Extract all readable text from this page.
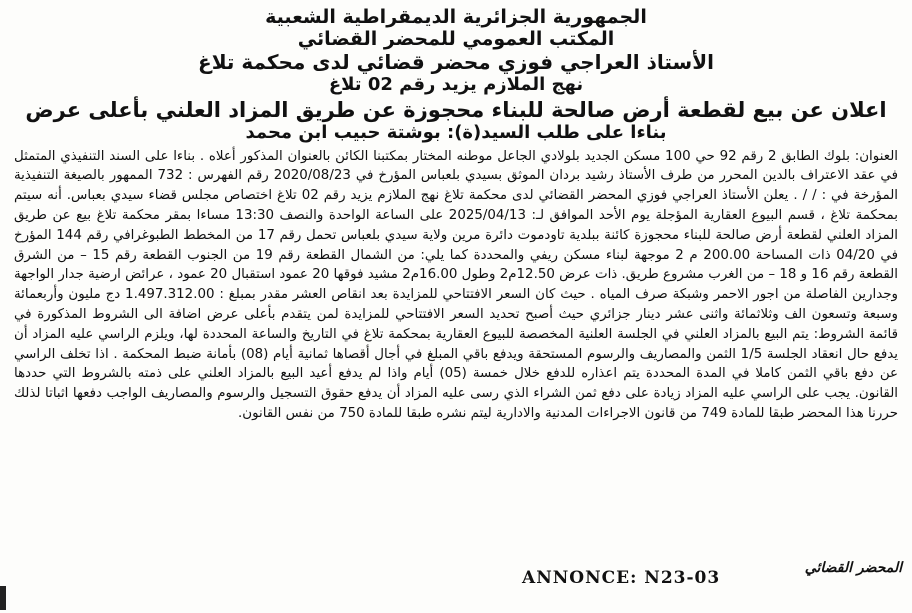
الجمهورية الجزائرية الديمقراطية الشعبية
المكتب العمومي للمحضر القضائي
الأستاذ العراجي فوزي محضر قضائي لدى محكمة تلاغ
نهج الملازم يزيد رقم 02 تلاغ
اعلان عن بيع لقطعة أرض صالحة للبناء محجوزة عن طريق المزاد العلني بأعلى عرض
بناءا على طلب السيد(ة): بوشتة حبيب ابن محمد
العنوان: بلوك الطابق 2 رقم 92 حي 100 مسكن الجديد بلولادي الجاعل موطنه المختار بمكتبنا الكائن بالعنوان المذكور أعلاه . بناءا على السند التنفيذي المتمثل في عقد الاعتراف بالدين المحرر من طرف الأستاذ رشيد بردان الموثق بسيدي بلعباس المؤرخ في 2020/08/23 رقم الفهرس : 732 الممهور بالصيغة التنفيذية المؤرخة في : / / . يعلن الأستاذ العراجي فوزي المحضر القضائي لدى محكمة تلاغ نهج الملازم يزيد رقم 02 تلاغ اختصاص مجلس قضاء سيدي بعباس. أنه سيتم بمحكمة تلاغ ، قسم البيوع العقارية المؤجلة يوم الأحد الموافق لـ: 2025/04/13 على الساعة الواحدة والنصف 13:30 مساءا بمقر محكمة تلاغ بيع عن طريق المزاد العلني لقطعة أرض صالحة للبناء محجوزة كائنة ببلدية تاودموت دائرة مرين ولاية سيدي بلعباس تحمل رقم 17 من المخطط الطبوغرافي رقم 144 المؤرخ في 04/20 ذات المساحة 200.00 م 2 موجهة لبناء مسكن ريفي والمحددة كما يلي: من الشمال القطعة رقم 19 من الجنوب القطعة رقم 15 – من الشرق القطعة رقم 16 و 18 – من الغرب مشروع طريق. ذات عرض 12.50م2 وطول 16.00م2 مشيد فوقها 20 عمود استقبال 20 عمود ، عرائض ارضية جدار الواجهة وجدارين الفاصلة من اجور الاحمر وشبكة صرف المياه . حيث كان السعر الافتتاحي للمزايدة بعد انقاص العشر مقدر بمبلغ : 1.497.312.00 دج مليون وأربعمائة وسبعة وتسعون الف وثلاثمائة واثنى عشر دينار جزائري حيث أصبح تحديد السعر الافتتاحي للمزايدة لمن يتقدم بأعلى عرض اضافة الى الشروط المذكورة في قائمة الشروط: يتم البيع بالمزاد العلني في الجلسة العلنية المخصصة للبيوع العقارية بمحكمة تلاغ في التاريخ والساعة المحددة لها، ويلزم الراسي عليه المزاد أن يدفع حال انعقاد الجلسة 1/5 الثمن والمصاريف والرسوم المستحقة ويدفع باقي المبلغ في أجال أقصاها ثمانية أيام (08) بأمانة ضبط المحكمة . اذا تخلف الراسي عن دفع باقي الثمن كاملا في المدة المحددة يتم اعذاره للدفع خلال خمسة (05) أيام واذا لم يدفع أعيد البيع بالمزاد العلني على ذمته بالشروط التي حددها القانون. يجب على الراسي عليه المزاد زيادة على دفع ثمن الشراء الذي رسى عليه المزاد أن يدفع حقوق التسجيل والرسوم والمصاريف الواجب دفعها اثباتا لذلك حررنا هذا المحضر طبقا للمادة 749 من قانون الاجراءات المدنية والادارية ليتم نشره طبقا للمادة 750 من نفس القانون.
المحضر القضائي
ANNONCE: N23-03
